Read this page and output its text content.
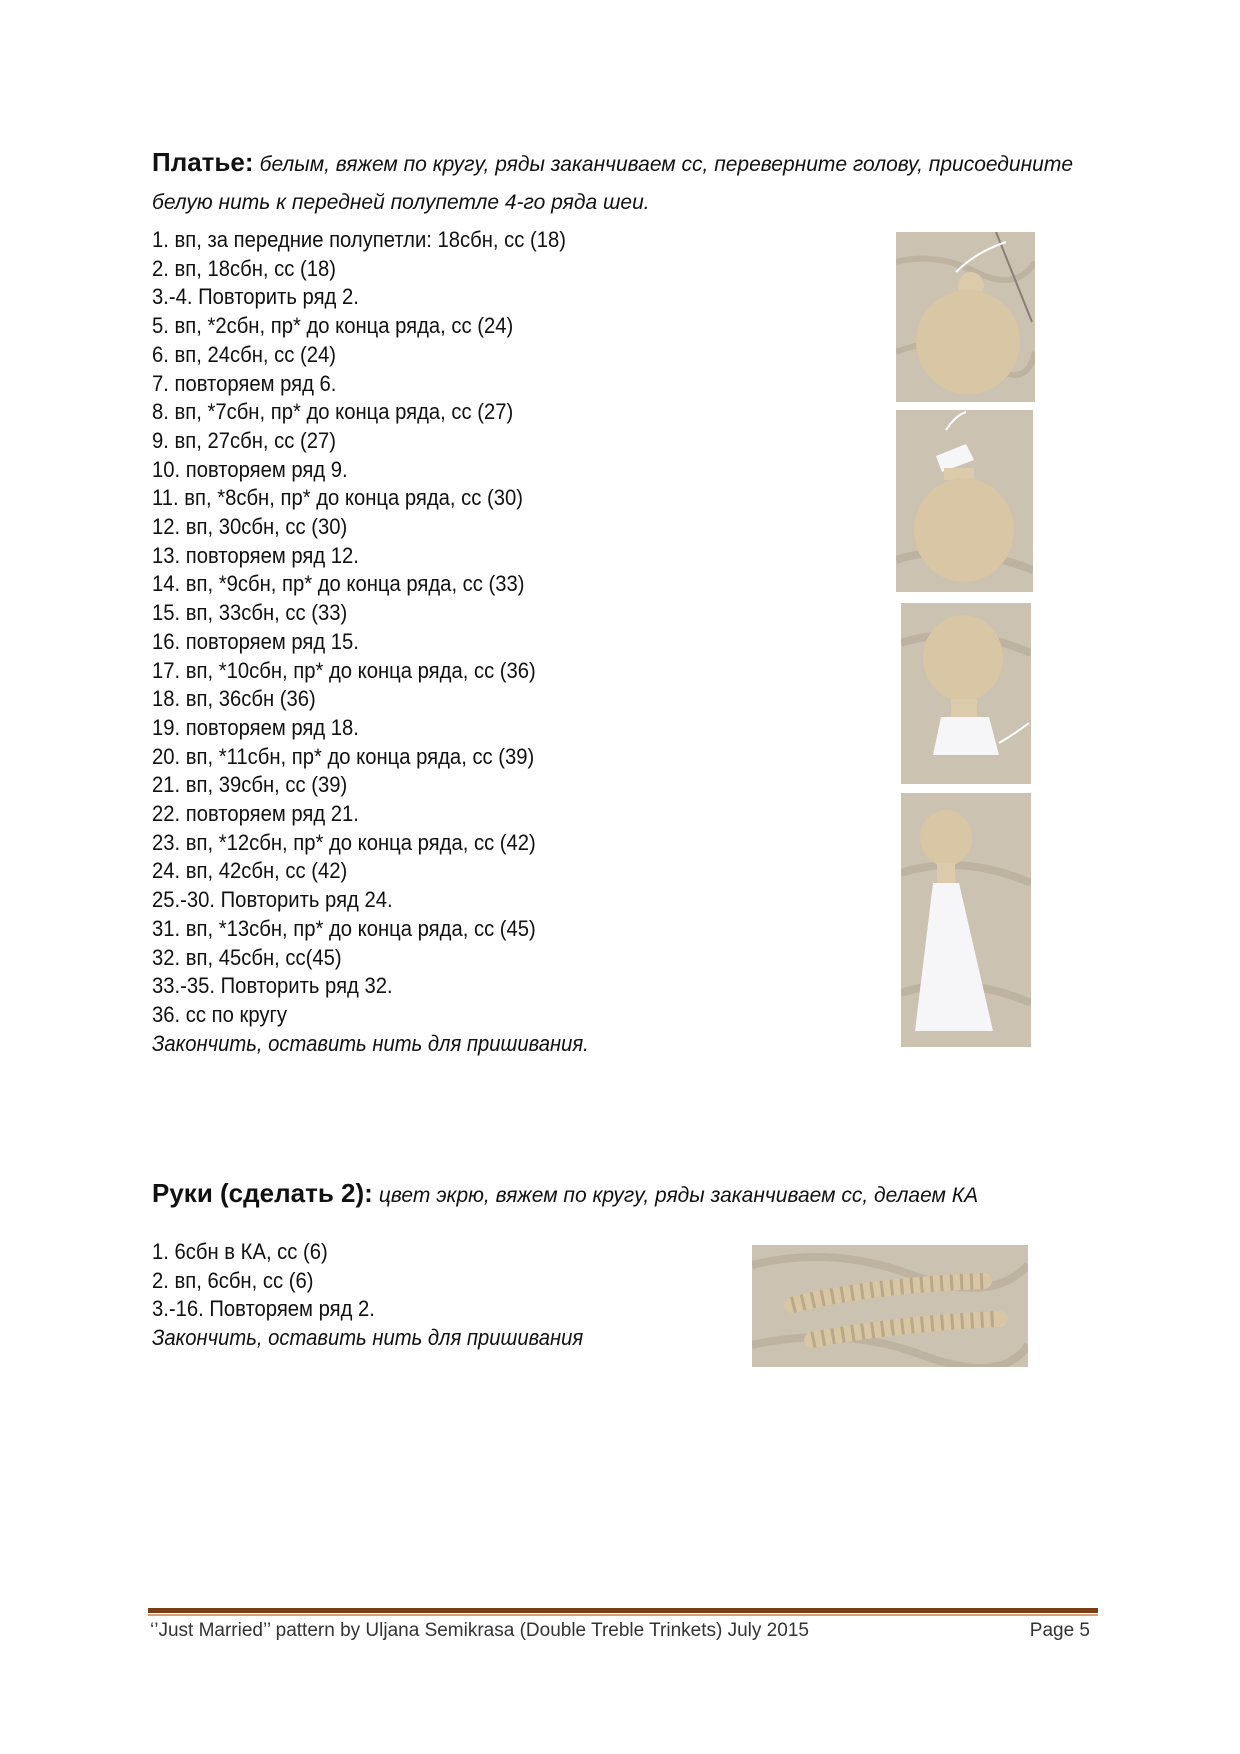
Платье: белым, вяжем по кругу, ряды заканчиваем сс, переверните голову, присоедините
белую нить к передней полупетле 4-го ряда шеи.
1. вп, за передние полупетли: 18сбн, сс (18)
2. вп, 18сбн, сс (18)
3.-4. Повторить ряд 2.
5. вп, *2сбн, пр* до конца ряда, сс (24)
6. вп, 24сбн, сс (24)
7. повторяем ряд 6.
8. вп, *7сбн, пр* до конца ряда, сс (27)
9. вп, 27сбн, сс (27)
10. повторяем ряд 9.
11. вп, *8сбн, пр* до конца ряда, сс (30)
12. вп, 30сбн, сс (30)
13. повторяем ряд 12.
14. вп, *9сбн, пр* до конца ряда, сс (33)
15. вп, 33сбн, сс (33)
16. повторяем ряд 15.
17. вп, *10сбн, пр* до конца ряда, сс (36)
18. вп, 36сбн (36)
19. повторяем ряд 18.
20. вп, *11сбн, пр* до конца ряда, сс (39)
21. вп, 39сбн, сс (39)
22. повторяем ряд 21.
23. вп, *12сбн, пр* до конца ряда, сс (42)
24. вп, 42сбн, сс (42)
25.-30. Повторить ряд 24.
31. вп, *13сбн, пр* до конца ряда, сс (45)
32. вп, 45сбн, сс(45)
33.-35. Повторить ряд 32.
36. сс по кругу
Закончить, оставить нить для пришивания.
Руки (сделать 2): цвет экрю, вяжем по кругу, ряды заканчиваем сс, делаем КА
1. 6сбн в КА, сс (6)
2. вп, 6сбн, сс (6)
3.-16. Повторяем ряд 2.
Закончить, оставить нить для пришивания
‘’Just Married’’ pattern by Uljana Semikrasa (Double Treble Trinkets) July 2015	Page 5
